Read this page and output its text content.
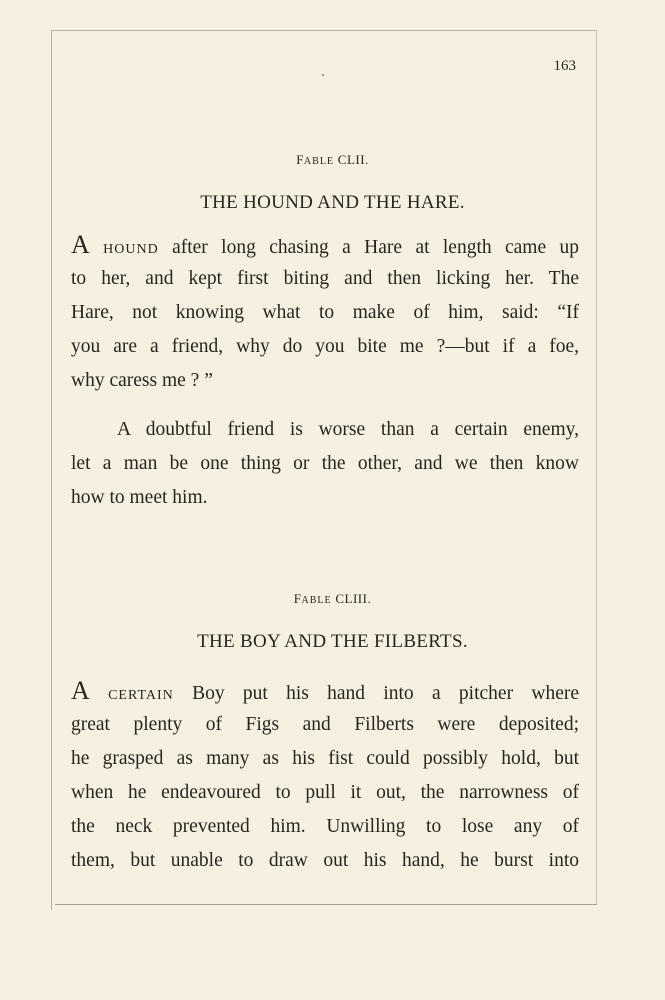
163
FABLE CLII.
THE HOUND AND THE HARE.
A HOUND after long chasing a Hare at length came up
to her, and kept first biting and then licking her. The
Hare, not knowing what to make of him, said: “If
you are a friend, why do you bite me ?—but if a foe,
why caress me ? ”
A doubtful friend is worse than a certain enemy,
let a man be one thing or the other, and we then know
how to meet him.
FABLE CLIII.
THE BOY AND THE FILBERTS.
A CERTAIN Boy put his hand into a pitcher where
great plenty of Figs and Filberts were deposited;
he grasped as many as his fist could possibly hold, but
when he endeavoured to pull it out, the narrowness of
the neck prevented him. Unwilling to lose any of
them, but unable to draw out his hand, he burst into
